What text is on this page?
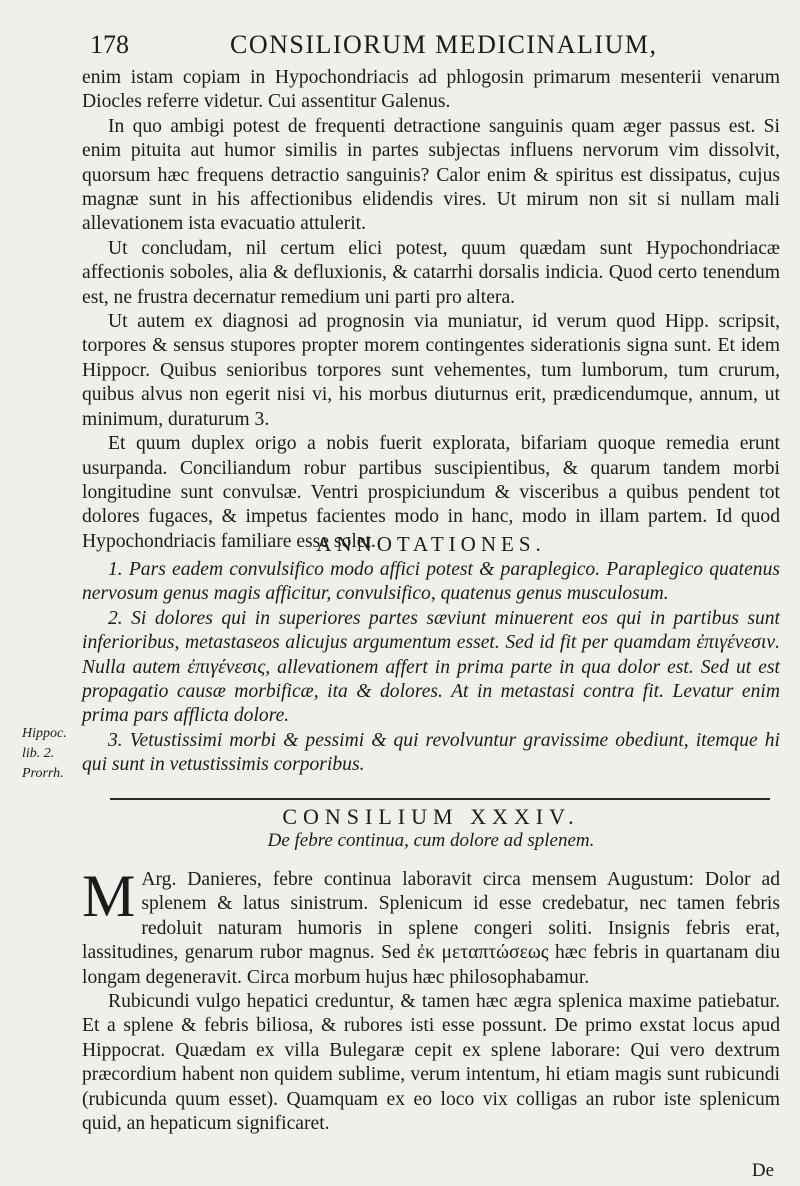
178	CONSILIORUM MEDICINALIUM,

enim istam copiam in Hypochondriacis ad phlogosin primarum mesenterii venarum Diocles referre videtur. Cui assentitur Galenus.

In quo ambigi potest de frequenti detractione sanguinis quam æger passus est. Si enim pituita aut humor similis in partes subjectas influens nervorum vim dissolvit, quorsum hæc frequens detractio sanguinis? Calor enim & spiritus est dissipatus, cujus magnæ sunt in his affectionibus elidendis vires. Ut mirum non sit si nullam mali allevationem ista evacuatio attulerit.

Ut concludam, nil certum elici potest, quum quædam sunt Hypochondriacæ affectionis soboles, alia & defluxionis, & catarrhi dorsalis indicia. Quod certo tenendum est, ne frustra decernatur remedium uni parti pro altera.

Ut autem ex diagnosi ad prognosin via muniatur, id verum quod Hipp. scripsit, torpores & sensus stupores propter morem contingentes siderationis signa sunt. Et idem Hippocr. Quibus senioribus torpores sunt vehementes, tum lumborum, tum crurum, quibus alvus non egerit nisi vi, his morbus diuturnus erit, prædicendumque, annum, ut minimum, duraturum 3.

Et quum duplex origo a nobis fuerit explorata, bifariam quoque remedia erunt usurpanda. Conciliandum robur partibus suscipientibus, & quarum tandem morbi longitudine sunt convulsæ. Ventri prospiciundum & visceribus a quibus pendent tot dolores fugaces, & impetus facientes modo in hanc, modo in illam partem. Id quod Hypochondriacis familiare esse solet.

ANNOTATIONES.

1. Pars eadem convulsifico modo affici potest & paraplegico. Paraplegico quatenus nervosum genus magis afficitur, convulsifico, quatenus genus musculosum.

2. Si dolores qui in superiores partes sæviunt minuerent eos qui in partibus sunt inferioribus, metastaseos alicujus argumentum esset. Sed id fit per quamdam ἐπιγένεσιν. Nulla autem ἐπιγένεσις, allevationem affert in prima parte in qua dolor est. Sed ut est propagatio causæ morbificæ, ita & dolores. At in metastasi contra fit. Levatur enim prima pars afflicta dolore.

3. Vetustissimi morbi & pessimi & qui revolvuntur gravissime obediunt, itemque hi qui sunt in vetustissimis corporibus.

Hippoc.
lib. 2.
Prorrh.
CONSILIUM XXXIV.
De febre continua, cum dolore ad splenem.

M Arg. Danieres, febre continua laboravit circa mensem Augustum: Dolor ad splenem & latus sinistrum. Splenicum id esse credebatur, nec tamen febris redoluit naturam humoris in splene congeri soliti. Insignis febris erat, lassitudines, genarum rubor magnus. Sed ἐκ μεταπτώσεως hæc febris in quartanam diu longam degeneravit. Circa morbum hujus hæc philosophabamur.

Rubicundi vulgo hepatici creduntur, & tamen hæc ægra splenica maxime patiebatur. Et a splene & febris biliosa, & rubores isti esse possunt. De primo exstat locus apud Hippocrat. Quædam ex villa Bulegaræ cepit ex splene laborare: Qui vero dextrum præcordium habent non quidem sublime, verum intentum, hi etiam magis sunt rubicundi (rubicunda quum esset). Quamquam ex eo loco vix colligas an rubor iste splenicum quid, an hepaticum significaret.

De
